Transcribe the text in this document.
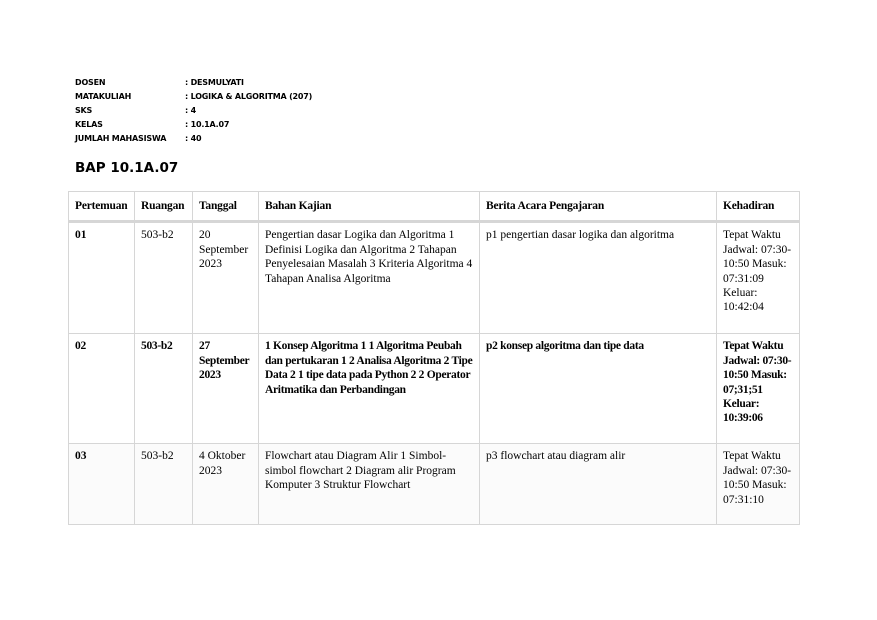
DOSEN	: DESMULYATI
MATAKULIAH	: LOGIKA & ALGORITMA (207)
SKS	: 4
KELAS	: 10.1A.07
JUMLAH MAHASISWA	: 40
BAP 10.1A.07
Pertemuan	Ruangan	Tanggal	Bahan Kajian	Berita Acara Pengajaran	Kehadiran
01	503-b2	20 September 2023	Pengertian dasar Logika dan Algoritma 1 Definisi Logika dan Algoritma 2 Tahapan Penyelesaian Masalah 3 Kriteria Algoritma 4 Tahapan Analisa Algoritma	p1 pengertian dasar logika dan algoritma	Tepat Waktu Jadwal: 07:30-10:50 Masuk: 07:31:09 Keluar: 10:42:04
02	503-b2	27 September 2023	1 Konsep Algoritma 1 1 Algoritma Peubah dan pertukaran 1 2 Analisa Algoritma 2 Tipe Data 2 1 tipe data pada Python 2 2 Operator Aritmatika dan Perbandingan	p2 konsep algoritma dan tipe data	Tepat Waktu Jadwal: 07:30-10:50 Masuk: 07;31;51 Keluar: 10:39:06
03	503-b2	4 Oktober 2023	Flowchart atau Diagram Alir 1 Simbol-simbol flowchart 2 Diagram alir Program Komputer 3 Struktur Flowchart	p3 flowchart atau diagram alir	Tepat Waktu Jadwal: 07:30-10:50 Masuk: 07:31:10
